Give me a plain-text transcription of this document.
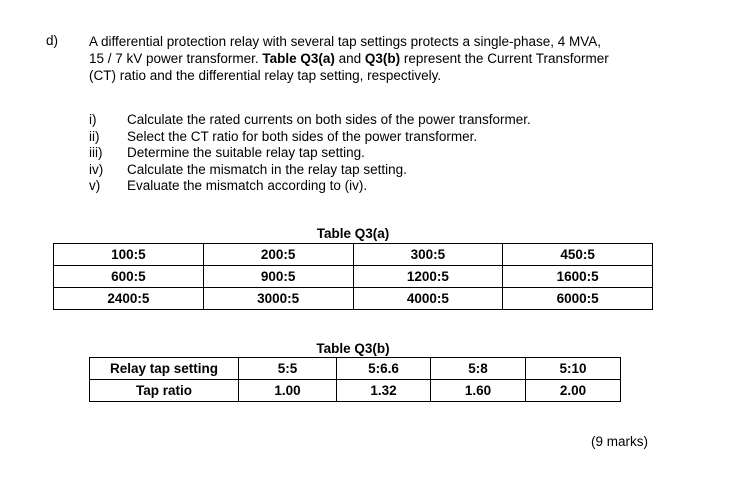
d) A differential protection relay with several tap settings protects a single-phase, 4 MVA,
15 / 7 kV power transformer. Table Q3(a) and Q3(b) represent the Current Transformer
(CT) ratio and the differential relay tap setting, respectively.
i)	Calculate the rated currents on both sides of the power transformer.
ii)	Select the CT ratio for both sides of the power transformer.
iii)	Determine the suitable relay tap setting.
iv)	Calculate the mismatch in the relay tap setting.
v)	Evaluate the mismatch according to (iv).
Table Q3(a)
100:5	200:5	300:5	450:5
600:5	900:5	1200:5	1600:5
2400:5	3000:5	4000:5	6000:5
Table Q3(b)
Relay tap setting	5:5	5:6.6	5:8	5:10
Tap ratio	1.00	1.32	1.60	2.00
(9 marks)
